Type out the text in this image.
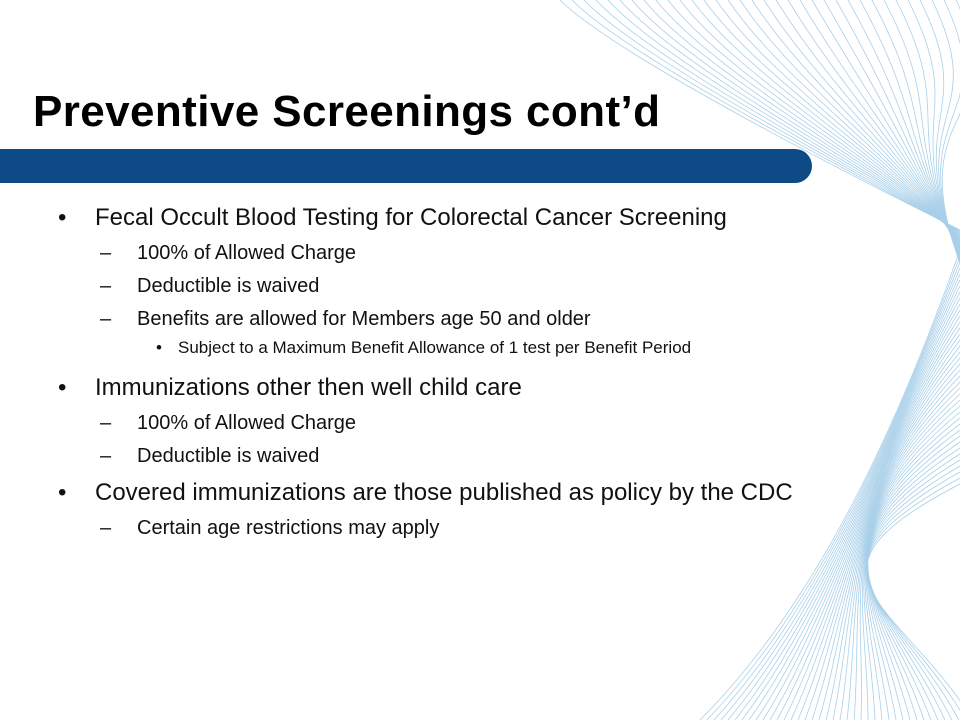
Preventive Screenings cont’d
• Fecal Occult Blood Testing for Colorectal Cancer Screening
– 100% of Allowed Charge
– Deductible is waived
– Benefits are allowed for Members age 50 and older
• Subject to a Maximum Benefit Allowance of 1 test per Benefit Period
• Immunizations other then well child care
– 100% of Allowed Charge
– Deductible is waived
• Covered immunizations are those published as policy by the CDC
– Certain age restrictions may apply
